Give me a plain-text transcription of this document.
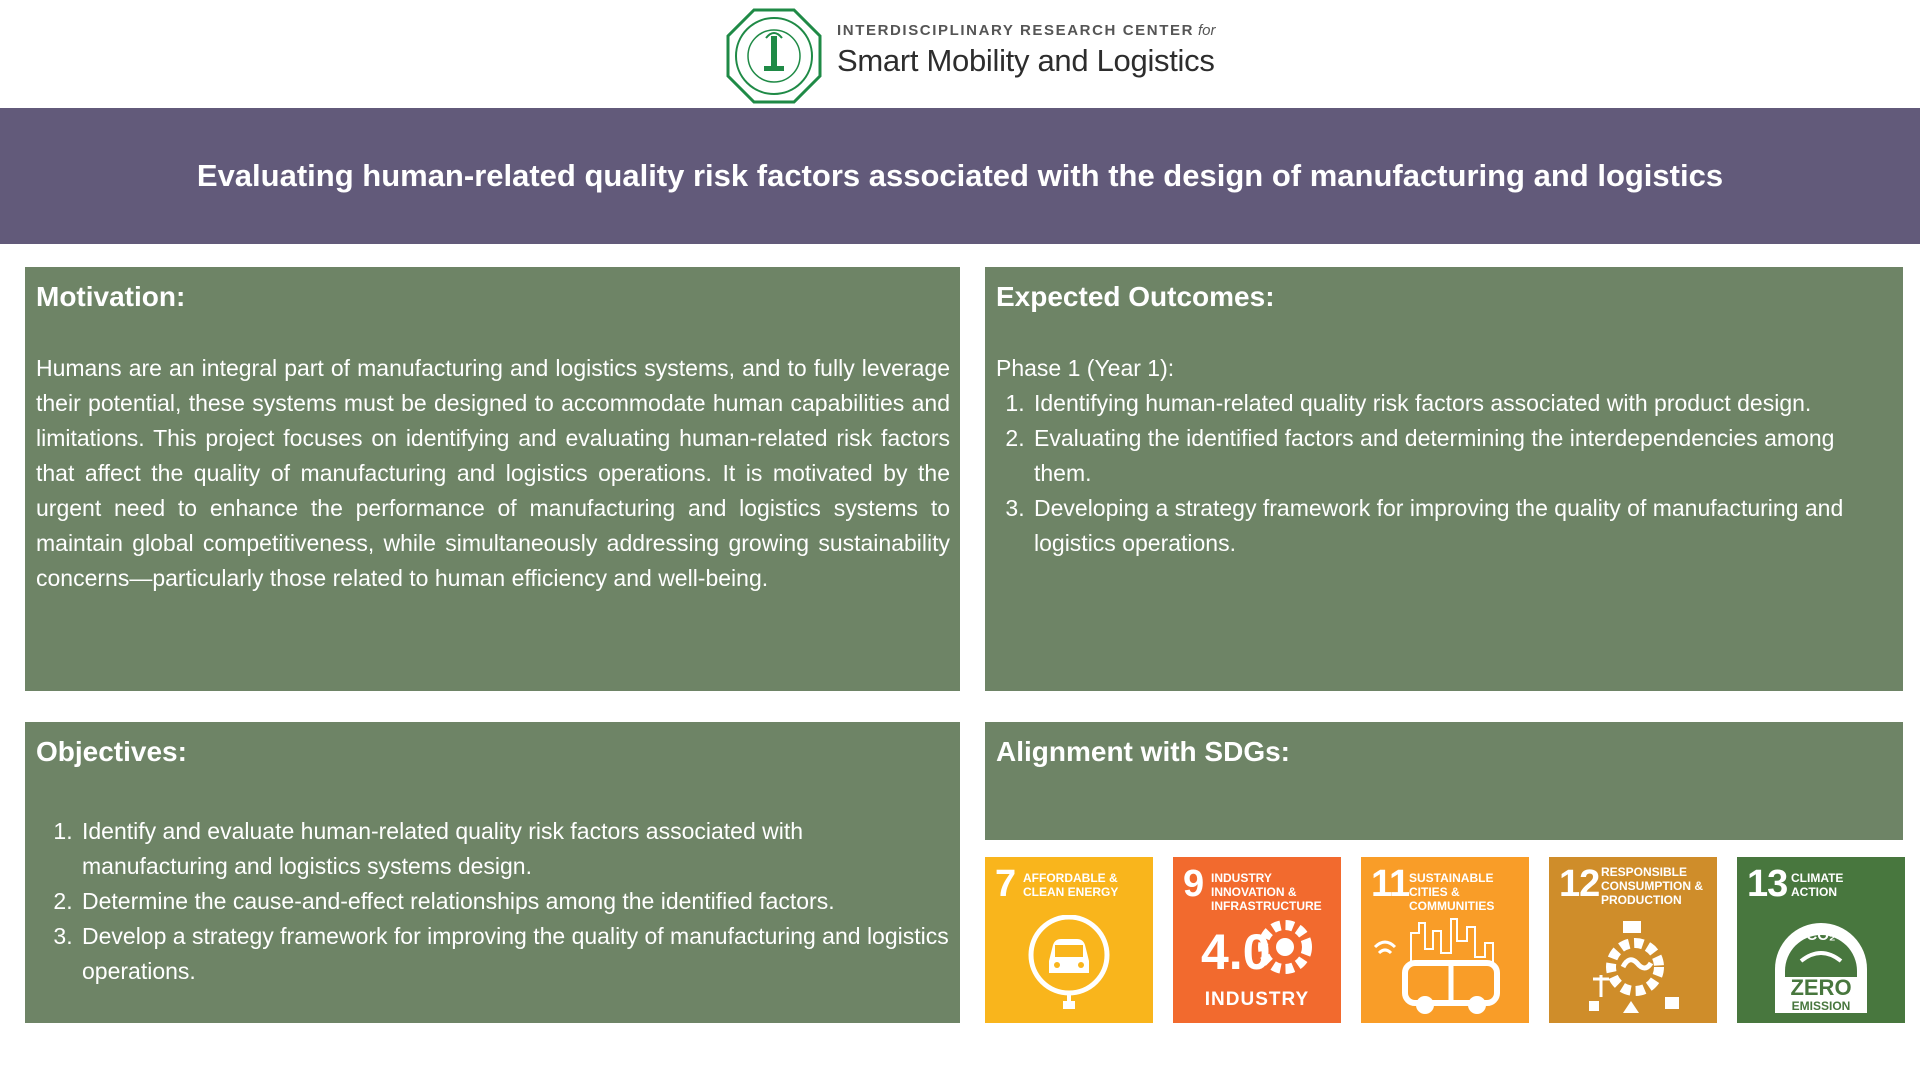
INTERDISCIPLINARY RESEARCH CENTER for
Smart Mobility and Logistics
Evaluating human-related quality risk factors associated with the design of manufacturing and logistics
Motivation:
Humans are an integral part of manufacturing and logistics systems, and to fully leverage their potential, these systems must be designed to accommodate human capabilities and limitations. This project focuses on identifying and evaluating human-related risk factors that affect the quality of manufacturing and logistics operations. It is motivated by the urgent need to enhance the performance of manufacturing and logistics systems to maintain global competitiveness, while simultaneously addressing growing sustainability concerns—particularly those related to human efficiency and well-being.
Expected Outcomes:
Phase 1 (Year 1):
1. Identifying human-related quality risk factors associated with product design.
2. Evaluating the identified factors and determining the interdependencies among them.
3. Developing a strategy framework for improving the quality of manufacturing and logistics operations.
Objectives:
1. Identify and evaluate human-related quality risk factors associated with manufacturing and logistics systems design.
2. Determine the cause-and-effect relationships among the identified factors.
3. Develop a strategy framework for improving the quality of manufacturing and logistics operations.
Alignment with SDGs:
7 AFFORDABLE & CLEAN ENERGY	9 INDUSTRY INNOVATION & INFRASTRUCTURE
4.0
INDUSTRY
11 SUSTAINABLE CITIES & COMMUNITIES
12 RESPONSIBLE CONSUMPTION & PRODUCTION	13 CLIMATE ACTION
CO₂
ZERO
EMISSION
